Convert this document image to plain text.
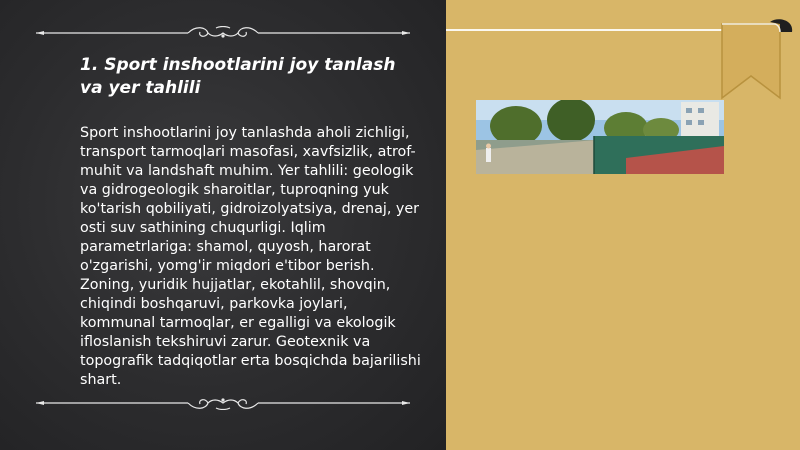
1. Sport inshootlarini joy tanlash va yer tahlili

Sport inshootlarini joy tanlashda aholi zichligi, transport tarmoqlari masofasi, xavfsizlik, atrof-muhit va landshaft muhim. Yer tahlili: geologik va gidrogeologik sharoitlar, tuproqning yuk ko'tarish qobiliyati, gidroizolyatsiya, drenaj, yer osti suv sathining chuqurligi. Iqlim parametrlariga: shamol, quyosh, harorat o'zgarishi, yomg'ir miqdori e'tibor berish. Zoning, yuridik hujjatlar, ekotahlil, shovqin, chiqindi boshqaruvi, parkovka joylari, kommunal tarmoqlar, er egalligi va ekologik ifloslanish tekshiruvi zarur. Geotexnik va topografik tadqiqotlar erta bosqichda bajarilishi shart.
